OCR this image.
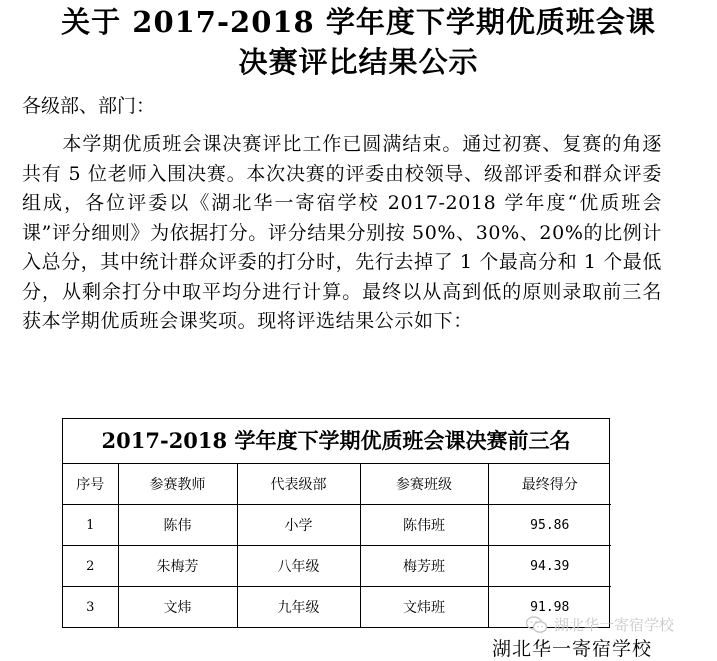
关于 2017-2018 学年度下学期优质班会课
决赛评比结果公示
各级部、部门：

本学期优质班会课决赛评比工作已圆满结束。通过初赛、复赛的角逐共有 5 位老师入围决赛。本次决赛的评委由校领导、级部评委和群众评委组成，各位评委以《湖北华一寄宿学校 2017-2018 学年度“优质班会课”评分细则》为依据打分。评分结果分别按 50%、30%、20%的比例计入总分，其中统计群众评委的打分时，先行去掉了 1 个最高分和 1 个最低分，从剩余打分中取平均分进行计算。最终以从高到低的原则录取前三名获本学期优质班会课奖项。现将评选结果公示如下：

2017-2018 学年度下学期优质班会课决赛前三名
序号	参赛教师	代表级部	参赛班级	最终得分
1	陈伟	小学	陈伟班	95.86
2	朱梅芳	八年级	梅芳班	94.39
3	文炜	九年级	文炜班	91.98
湖北华一寄宿学校
湖北华一寄宿学校
